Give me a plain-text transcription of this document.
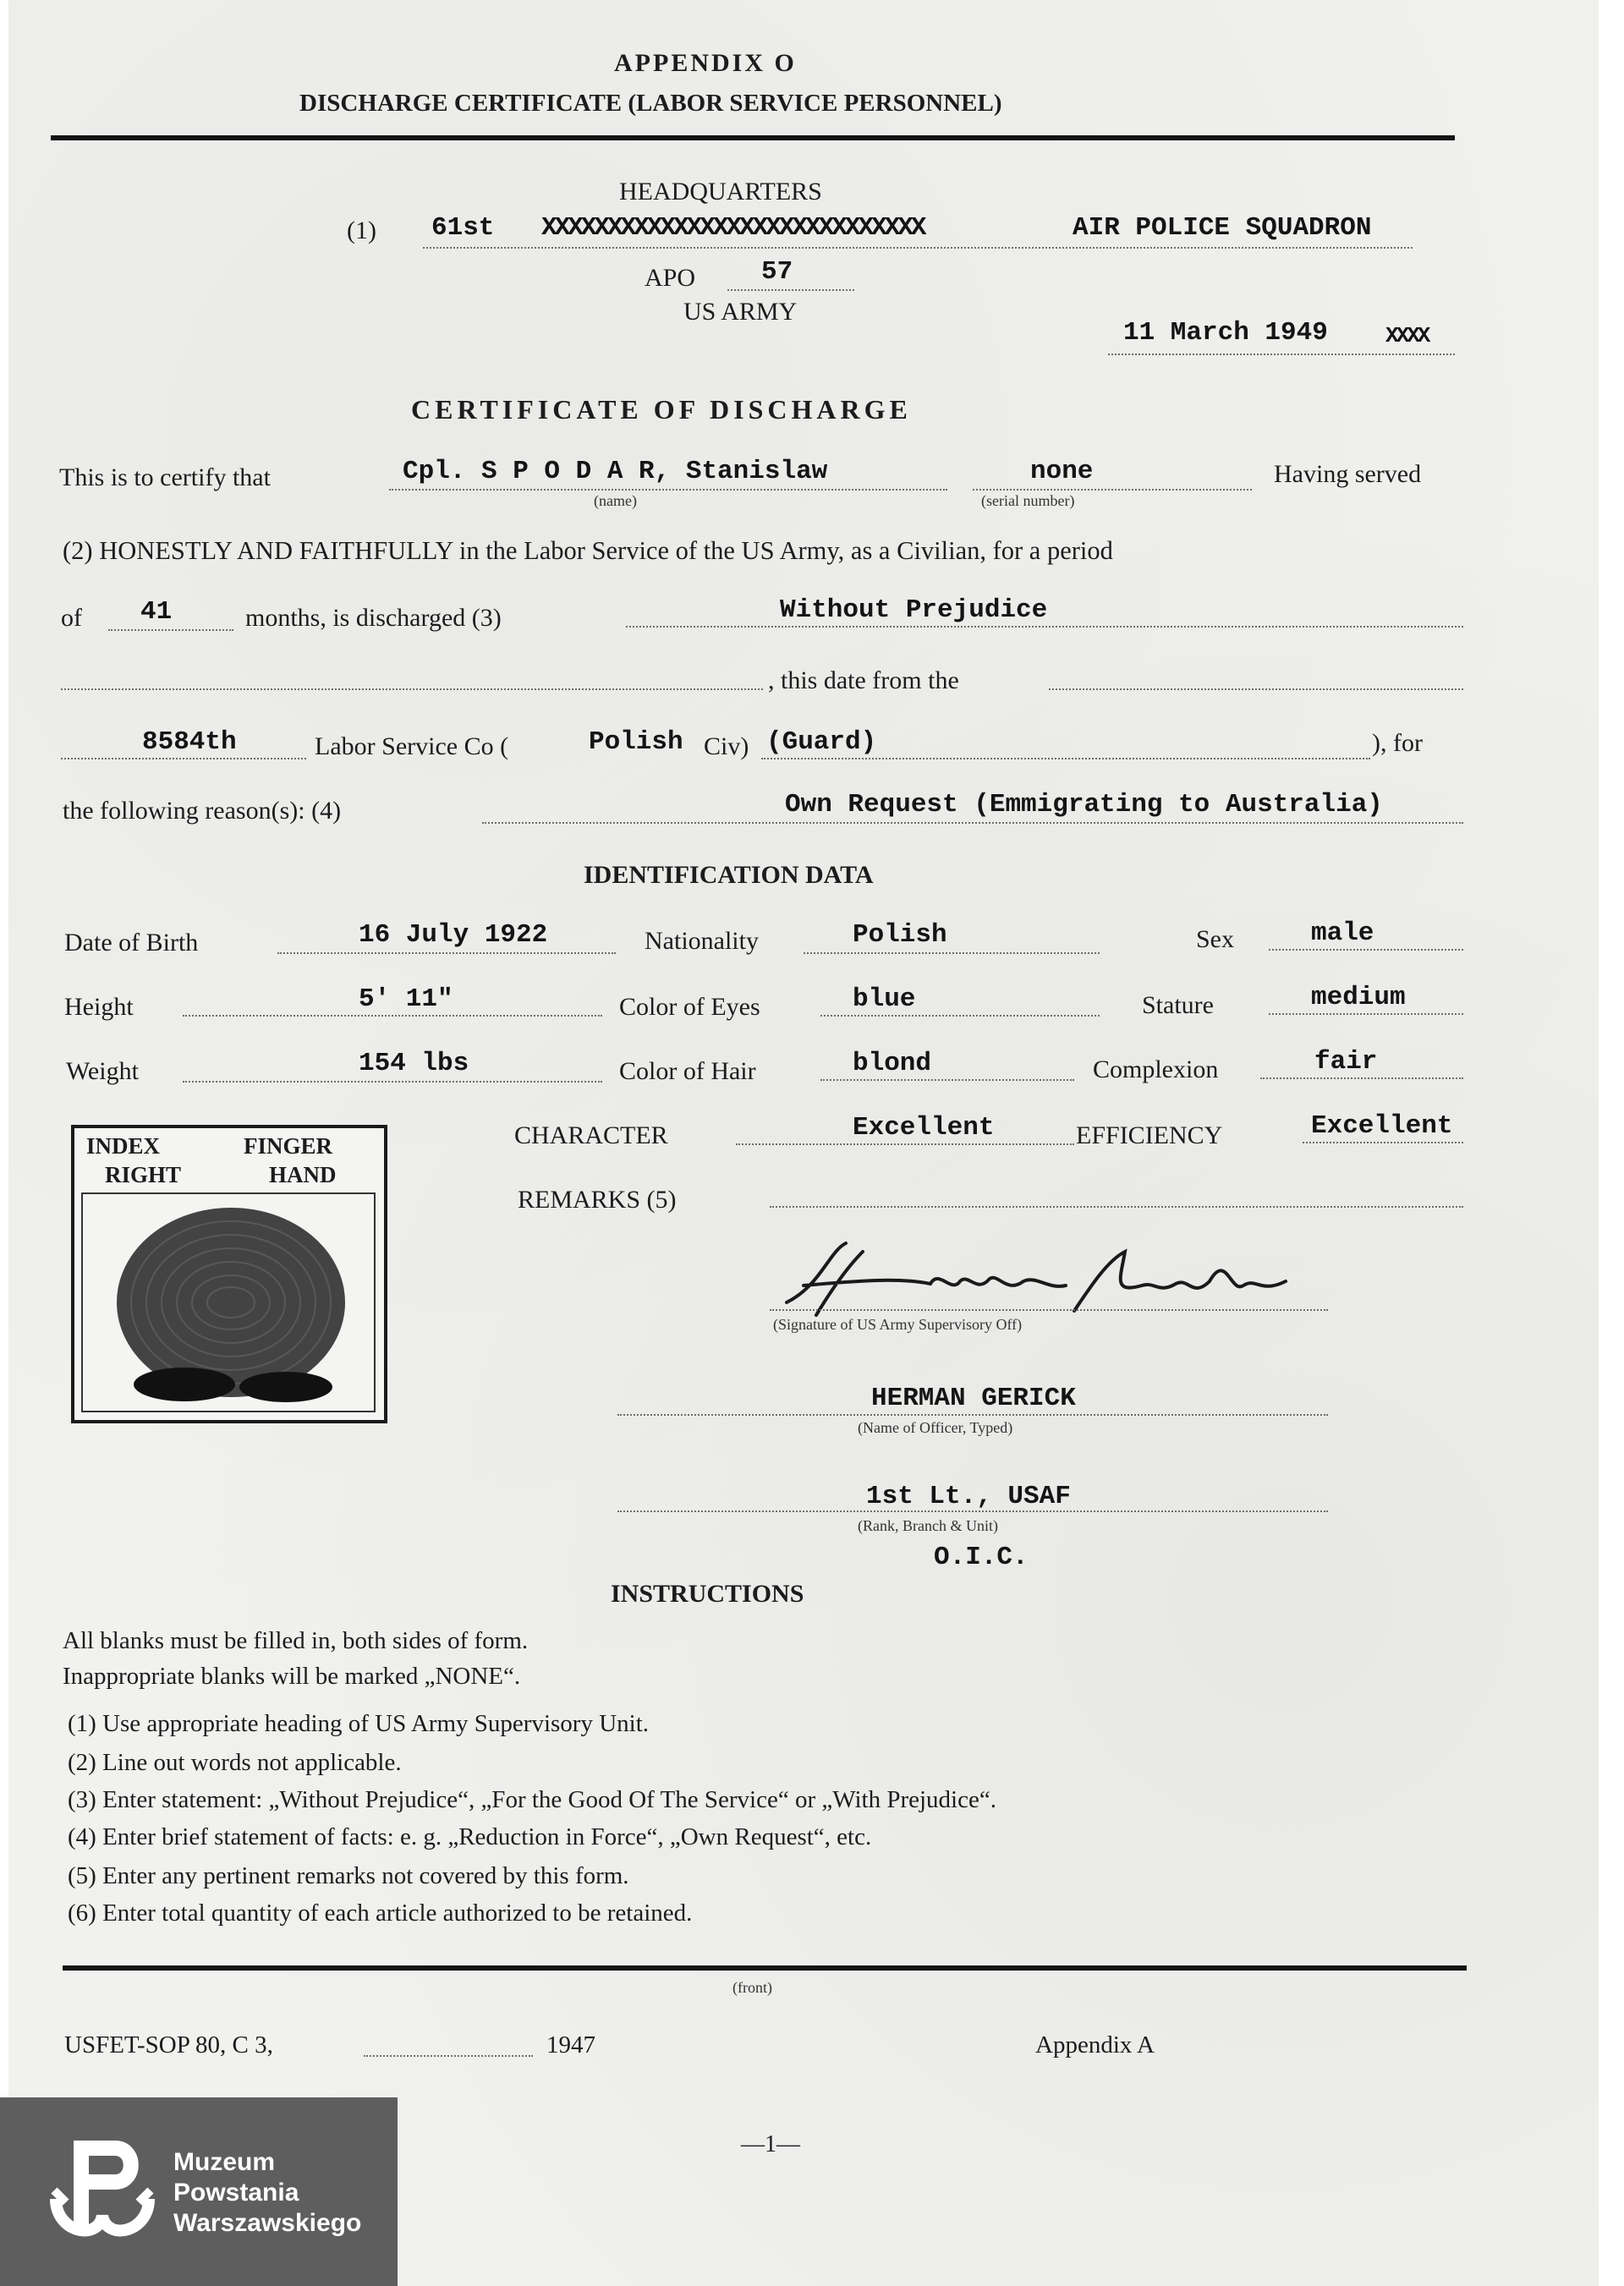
APPENDIX O
DISCHARGE CERTIFICATE (LABOR SERVICE PERSONNEL)
HEADQUARTERS
(1) 61st XXXXXXXXXXXXXXXXXXXXXXXXXXXXX	AIR POLICE SQUADRON
APO	57
US ARMY
11 March 1949	XXXX
CERTIFICATE OF DISCHARGE
This is to certify that	Cpl. S P O D A R, Stanislaw
(name)
none
(serial number)
Having served
(2) HONESTLY AND FAITHFULLY in the Labor Service of the US Army, as a Civilian, for a period
of 41	months, is discharged (3)	Without Prejudice
, this date from the
8584th	Labor Service Co (	Polish Civ) (Guard)	), for
the following reason(s): (4)	Own Request (Emmigrating to Australia)
IDENTIFICATION DATA
Date of Birth	16 July 1922	Nationality	Polish	Sex	male
Height	5' 11"	Color of Eyes	blue	Stature	medium
Weight	154 lbs	Color of Hair	blond	Complexion	fair
CHARACTER	Excellent	EFFICIENCY	Excellent
REMARKS (5)
INDEX	FINGER
RIGHT	HAND
Herman Gerick
(Signature of US Army Supervisory Off)
HERMAN GERICK
(Name of Officer, Typed)
1st Lt., USAF
(Rank, Branch & Unit)
O.I.C.
INSTRUCTIONS
All blanks must be filled in, both sides of form.
Inappropriate blanks will be marked „NONE“.
(1) Use appropriate heading of US Army Supervisory Unit.
(2) Line out words not applicable.
(3) Enter statement: „Without Prejudice“, „For the Good Of The Service“ or „With Prejudice“.
(4) Enter brief statement of facts: e. g. „Reduction in Force“, „Own Request“, etc.
(5) Enter any pertinent remarks not covered by this form.
(6) Enter total quantity of each article authorized to be retained.
(front)
USFET-SOP 80, C 3,	1947	Appendix A
—1—
Muzeum
Powstania
Warszawskiego
